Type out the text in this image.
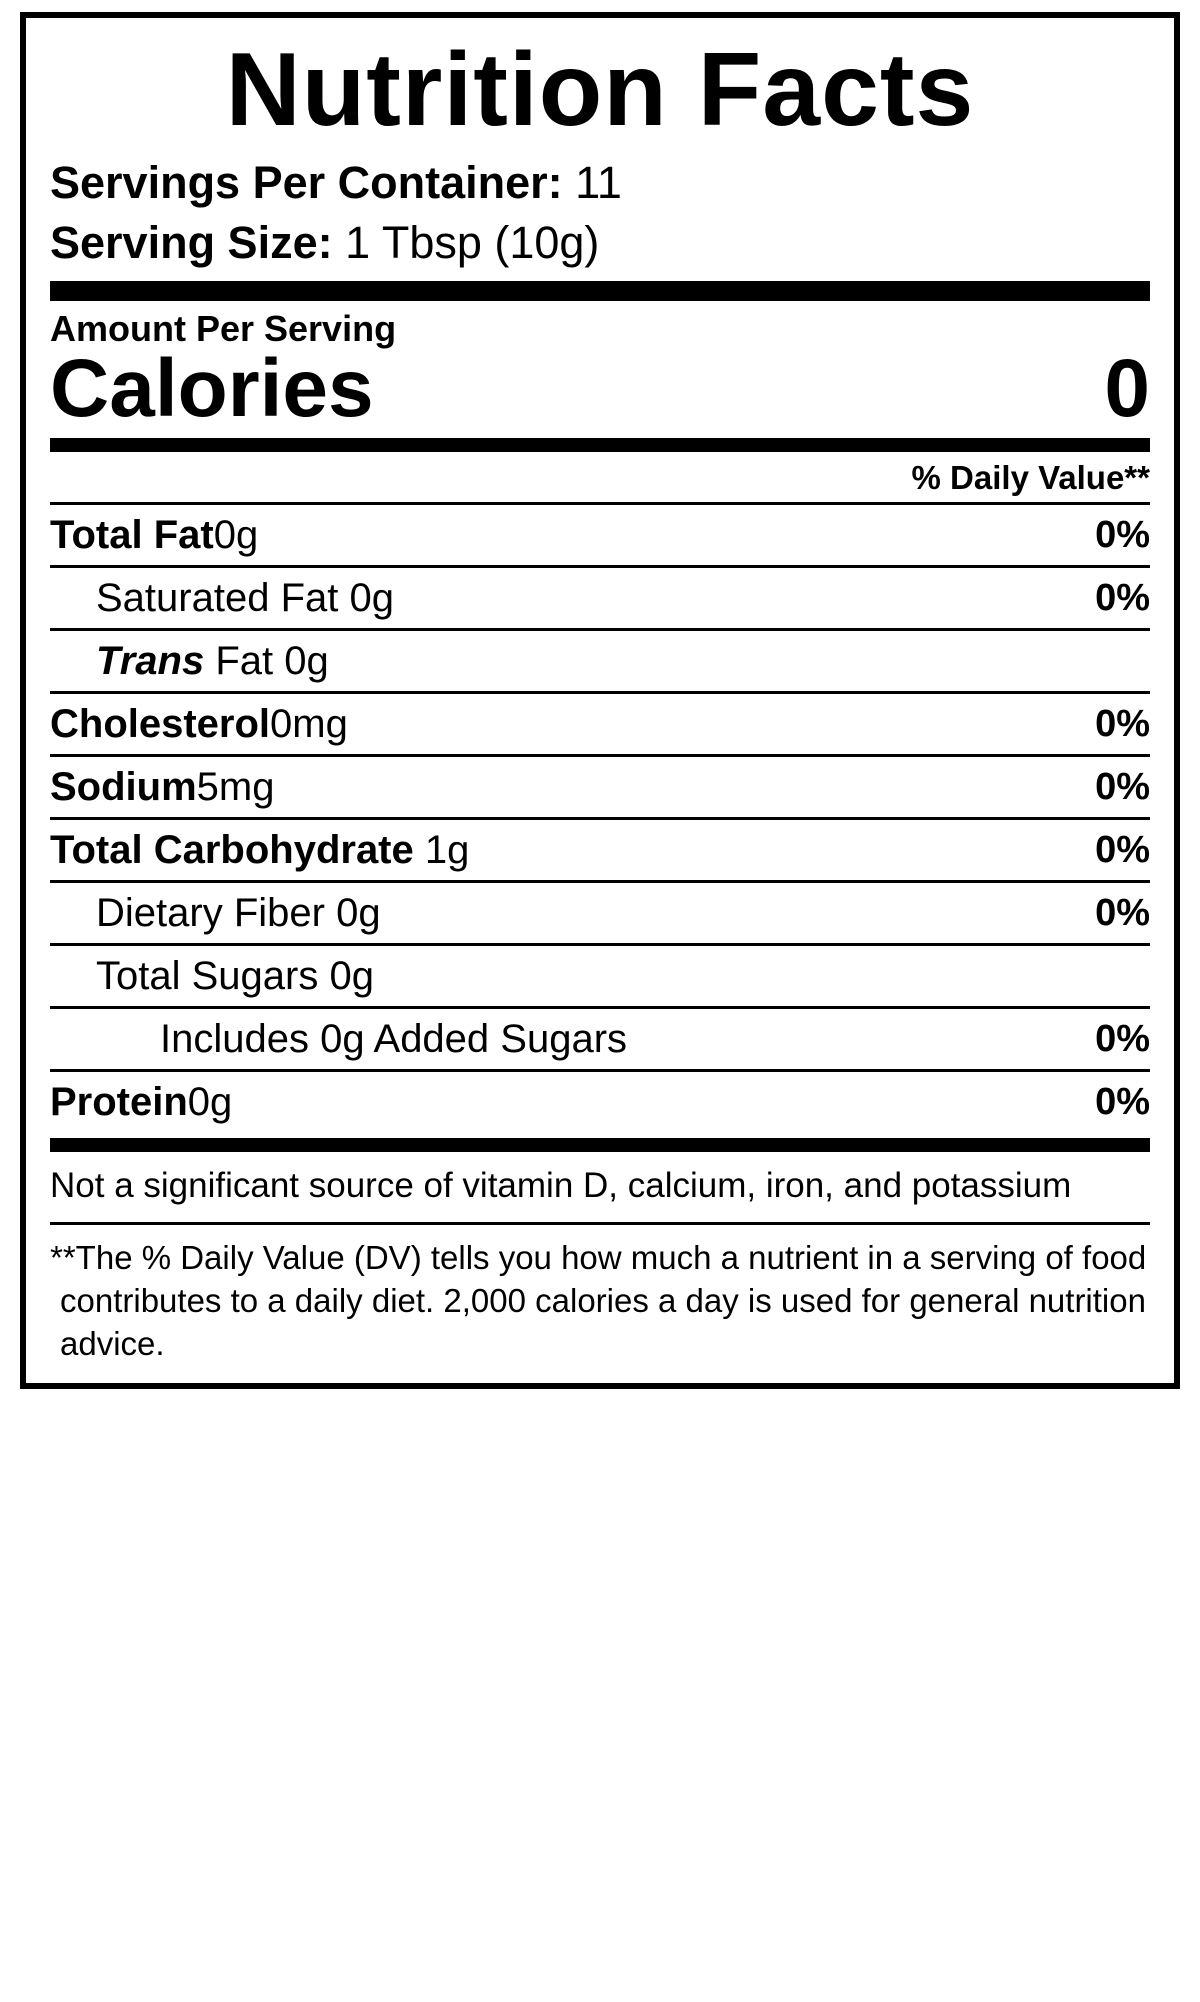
Nutrition Facts
Servings Per Container: 11
Serving Size: 1 Tbsp (10g)
Amount Per Serving
Calories	0
% Daily Value**
Total Fat0g	0%
Saturated Fat 0g	0%
Trans Fat 0g
Cholesterol0mg	0%
Sodium5mg	0%
Total Carbohydrate 1g	0%
Dietary Fiber 0g	0%
Total Sugars 0g
Includes 0g Added Sugars	0%
Protein0g	0%
Not a significant source of vitamin D, calcium, iron, and potassium
**The % Daily Value (DV) tells you how much a nutrient in a serving of food contributes to a daily diet. 2,000 calories a day is used for general nutrition advice.
